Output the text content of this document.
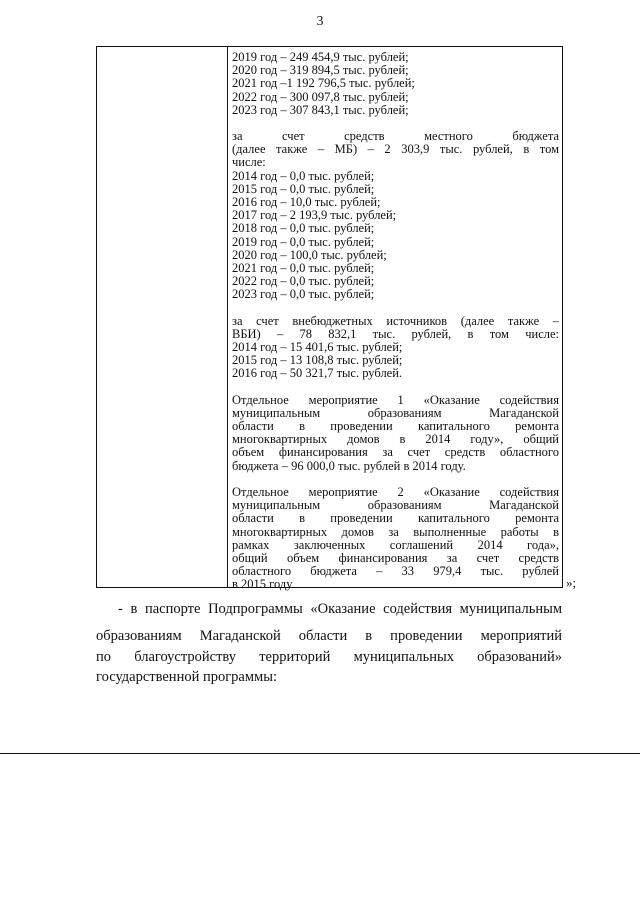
3
2019 год – 249 454,9 тыс. рублей;
2020 год – 319 894,5 тыс. рублей;
2021 год –1 192 796,5 тыс. рублей;
2022 год – 300 097,8 тыс. рублей;
2023 год – 307 843,1 тыс. рублей;
за счет средств местного бюджета
(далее также – МБ) – 2 303,9 тыс. рублей, в том
числе:
2014 год – 0,0 тыс. рублей;
2015 год – 0,0 тыс. рублей;
2016 год – 10,0 тыс. рублей;
2017 год – 2 193,9 тыс. рублей;
2018 год – 0,0 тыс. рублей;
2019 год – 0,0 тыс. рублей;
2020 год – 100,0 тыс. рублей;
2021 год – 0,0 тыс. рублей;
2022 год – 0,0 тыс. рублей;
2023 год – 0,0 тыс. рублей;
за счет внебюджетных источников (далее также –
ВБИ) – 78 832,1 тыс. рублей, в том числе:
2014 год – 15 401,6 тыс. рублей;
2015 год – 13 108,8 тыс. рублей;
2016 год – 50 321,7 тыс. рублей.
Отдельное мероприятие 1 «Оказание содействия
муниципальным образованиям Магаданской
области в проведении капитального ремонта
многоквартирных домов в 2014 году», общий
объем финансирования за счет средств областного
бюджета – 96 000,0 тыс. рублей в 2014 году.
Отдельное мероприятие 2 «Оказание содействия
муниципальным образованиям Магаданской
области в проведении капитального ремонта
многоквартирных домов за выполненные работы в
рамках заключенных соглашений 2014 года»,
общий объем финансирования за счет средств
областного бюджета – 33 979,4 тыс. рублей
в 2015 году	»;
- в паспорте Подпрограммы «Оказание содействия муниципальным
образованиям Магаданской области в проведении мероприятий
по благоустройству территорий муниципальных образований»
государственной программы:
